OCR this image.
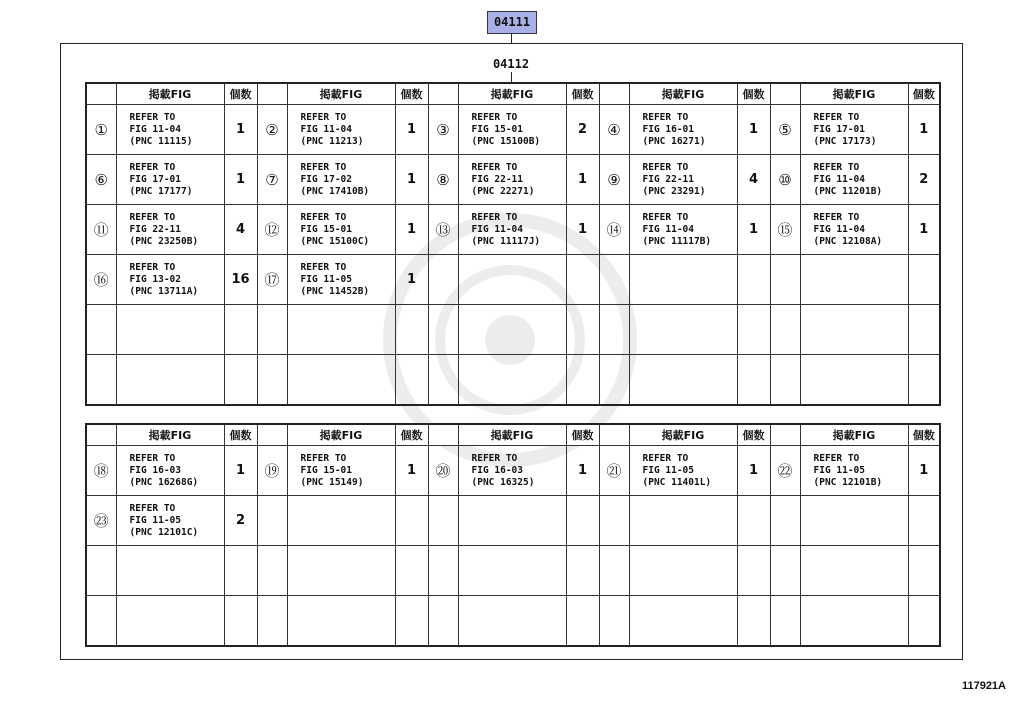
04111
04112
	掲載FIG	個数		掲載FIG	個数		掲載FIG	個数		掲載FIG	個数		掲載FIG	個数
①	REFER TO
FIG 11-04
(PNC 11115)	1	②	REFER TO
FIG 11-04
(PNC 11213)	1	③	REFER TO
FIG 15-01
(PNC 15100B)	2	④	REFER TO
FIG 16-01
(PNC 16271)	1	⑤	REFER TO
FIG 17-01
(PNC 17173)	1
⑥	REFER TO
FIG 17-01
(PNC 17177)	1	⑦	REFER TO
FIG 17-02
(PNC 17410B)	1	⑧	REFER TO
FIG 22-11
(PNC 22271)	1	⑨	REFER TO
FIG 22-11
(PNC 23291)	4	⑩	REFER TO
FIG 11-04
(PNC 11201B)	2
⑪	REFER TO
FIG 22-11
(PNC 23250B)	4	⑫	REFER TO
FIG 15-01
(PNC 15100C)	1	⑬	REFER TO
FIG 11-04
(PNC 11117J)	1	⑭	REFER TO
FIG 11-04
(PNC 11117B)	1	⑮	REFER TO
FIG 11-04
(PNC 12108A)	1
⑯	REFER TO
FIG 13-02
(PNC 13711A)	16	⑰	REFER TO
FIG 11-05
(PNC 11452B)	1									

	掲載FIG	個数		掲載FIG	個数		掲載FIG	個数		掲載FIG	個数		掲載FIG	個数
⑱	REFER TO
FIG 16-03
(PNC 16268G)	1	⑲	REFER TO
FIG 15-01
(PNC 15149)	1	⑳	REFER TO
FIG 16-03
(PNC 16325)	1	㉑	REFER TO
FIG 11-05
(PNC 11401L)	1	㉒	REFER TO
FIG 11-05
(PNC 12101B)	1
㉓	REFER TO
FIG 11-05
(PNC 12101C)	2												

117921A
